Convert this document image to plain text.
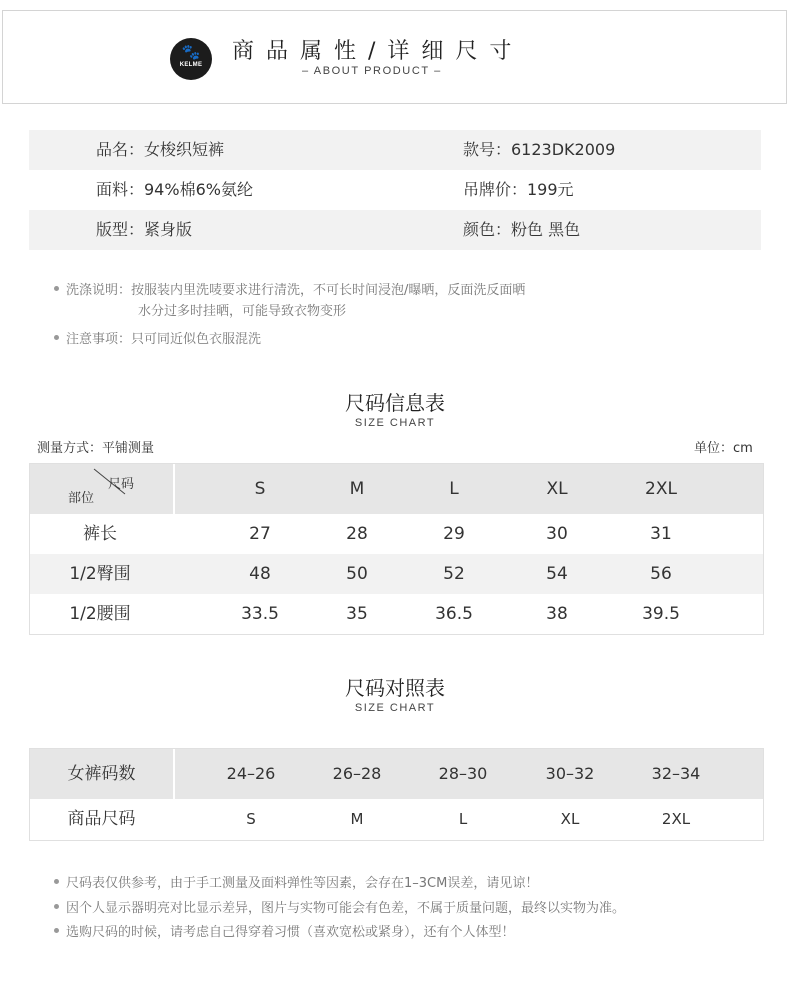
🐾
KELME
商品属性/详细尺寸
– ABOUT PRODUCT –
品名：女梭织短裤	款号：6123DK2009
面料：94%棉6%氨纶	吊牌价：199元
版型：紧身版	颜色：粉色 黑色
洗涤说明：按服装内里洗唛要求进行清洗，不可长时间浸泡/曝晒，反面洗反面晒
水分过多时挂晒，可能导致衣物变形
注意事项：只可同近似色衣服混洗
尺码信息表
SIZE CHART
测量方式：平铺测量	单位：cm
尺码
部位	S	M	L	XL	2XL
裤长	27	28	29	30	31
1/2臀围	48	50	52	54	56
1/2腰围	33.5	35	36.5	38	39.5
尺码对照表
SIZE CHART
女裤码数	24–26	26–28	28–30	30–32	32–34
商品尺码	S	M	L	XL	2XL
尺码表仅供参考，由于手工测量及面料弹性等因素，会存在1–3CM误差，请见谅！
因个人显示器明亮对比显示差异，图片与实物可能会有色差，不属于质量问题，最终以实物为准。
选购尺码的时候，请考虑自己得穿着习惯（喜欢宽松或紧身），还有个人体型！
